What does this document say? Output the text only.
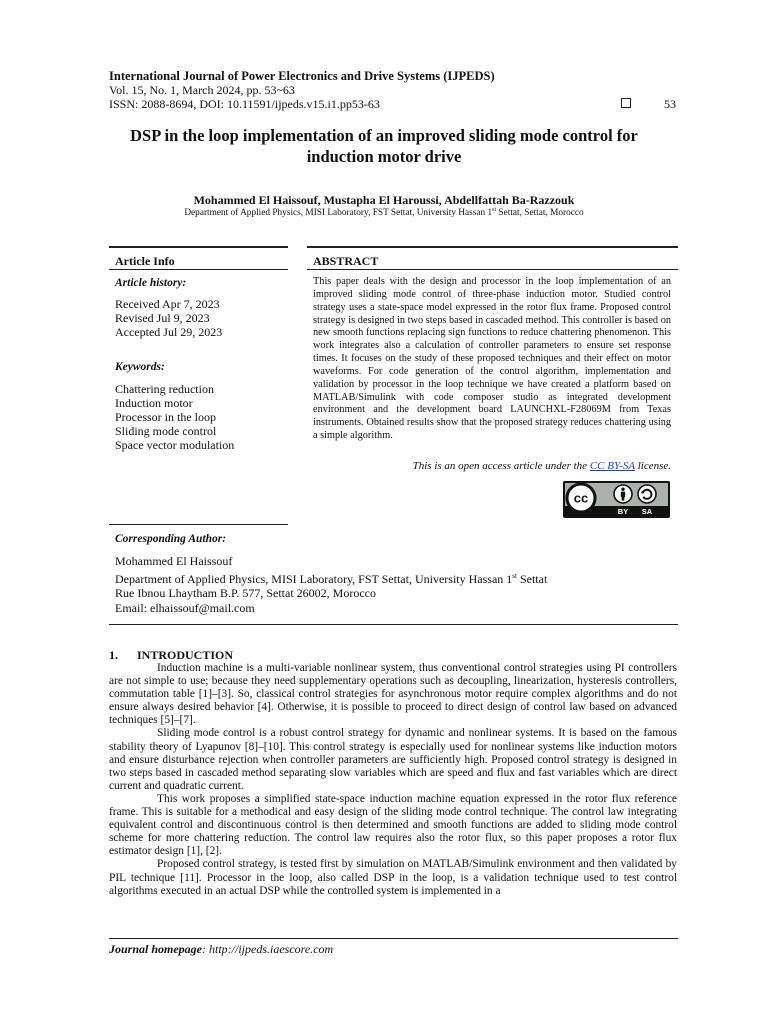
International Journal of Power Electronics and Drive Systems (IJPEDS)
Vol. 15, No. 1, March 2024, pp. 53~63
ISSN: 2088-8694, DOI: 10.11591/ijpeds.v15.i1.pp53-63	53
DSP in the loop implementation of an improved sliding mode control for induction motor drive
Mohammed El Haissouf, Mustapha El Haroussi, Abdellfattah Ba-Razzouk
Department of Applied Physics, MISI Laboratory, FST Settat, University Hassan 1st Settat, Settat, Morocco
Article Info
Article history:
Received Apr 7, 2023
Revised Jul 9, 2023
Accepted Jul 29, 2023
Keywords:
Chattering reduction
Induction motor
Processor in the loop
Sliding mode control
Space vector modulation
ABSTRACT

This paper deals with the design and processor in the loop implementation of an improved sliding mode control of three-phase induction motor. Studied control strategy uses a state-space model expressed in the rotor flux frame. Proposed control strategy is designed in two steps based in cascaded method. This controller is based on new smooth functions replacing sign functions to reduce chattering phenomenon. This work integrates also a calculation of controller parameters to ensure set response times. It focuses on the study of these proposed techniques and their effect on motor waveforms. For code generation of the control algorithm, implementation and validation by processor in the loop technique we have created a platform based on MATLAB/Simulink with code composer studio as integrated development environment and the development board LAUNCHXL-F28069M from Texas instruments. Obtained results show that the proposed strategy reduces chattering using a simple algorithm.

This is an open access article under the CC BY-SA license.
cc
BY SA
Corresponding Author:
Mohammed El Haissouf
Department of Applied Physics, MISI Laboratory, FST Settat, University Hassan 1st Settat
Rue Ibnou Lhaytham B.P. 577, Settat 26002, Morocco
Email: elhaissouf@mail.com
1. INTRODUCTION

Induction machine is a multi-variable nonlinear system, thus conventional control strategies using PI controllers are not simple to use; because they need supplementary operations such as decoupling, linearization, hysteresis controllers, commutation table [1]–[3]. So, classical control strategies for asynchronous motor require complex algorithms and do not ensure always desired behavior [4]. Otherwise, it is possible to proceed to direct design of control law based on advanced techniques [5]–[7].

Sliding mode control is a robust control strategy for dynamic and nonlinear systems. It is based on the famous stability theory of Lyapunov [8]–[10]. This control strategy is especially used for nonlinear systems like induction motors and ensure disturbance rejection when controller parameters are sufficiently high. Proposed control strategy is designed in two steps based in cascaded method separating slow variables which are speed and flux and fast variables which are direct current and quadratic current.

This work proposes a simplified state-space induction machine equation expressed in the rotor flux reference frame. This is suitable for a methodical and easy design of the sliding mode control technique. The control law integrating equivalent control and discontinuous control is then determined and smooth functions are added to sliding mode control scheme for more chattering reduction. The control law requires also the rotor flux, so this paper proposes a rotor flux estimator design [1], [2].

Proposed control strategy, is tested first by simulation on MATLAB/Simulink environment and then validated by PIL technique [11]. Processor in the loop, also called DSP in the loop, is a validation technique used to test control algorithms executed in an actual DSP while the controlled system is implemented in a

Journal homepage: http://ijpeds.iaescore.com
